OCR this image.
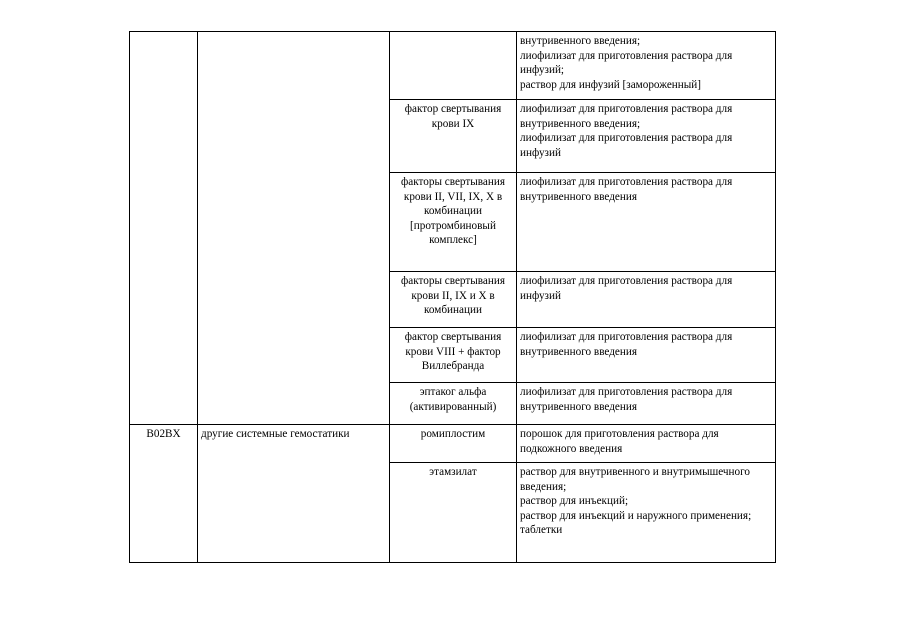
			внутривенного введения;
лиофилизат для приготовления раствора для инфузий;
раствор для инфузий [замороженный]

		фактор свертывания крови IX	лиофилизат для приготовления раствора для внутривенного введения;
лиофилизат для приготовления раствора для инфузий

		факторы свертывания крови II, VII, IX, X в комбинации [протромбиновый комплекс]	лиофилизат для приготовления раствора для внутривенного введения

		факторы свертывания крови II, IX и X в комбинации	лиофилизат для приготовления раствора для инфузий

		фактор свертывания крови VIII + фактор Виллебранда	лиофилизат для приготовления раствора для внутривенного введения

		эптаког альфа (активированный)	лиофилизат для приготовления раствора для внутривенного введения

B02BX	другие системные гемостатики	ромиплостим	порошок для приготовления раствора для подкожного введения

		этамзилат	раствор для внутривенного и внутримышечного введения;
раствор для инъекций;
раствор для инъекций и наружного применения;
таблетки
